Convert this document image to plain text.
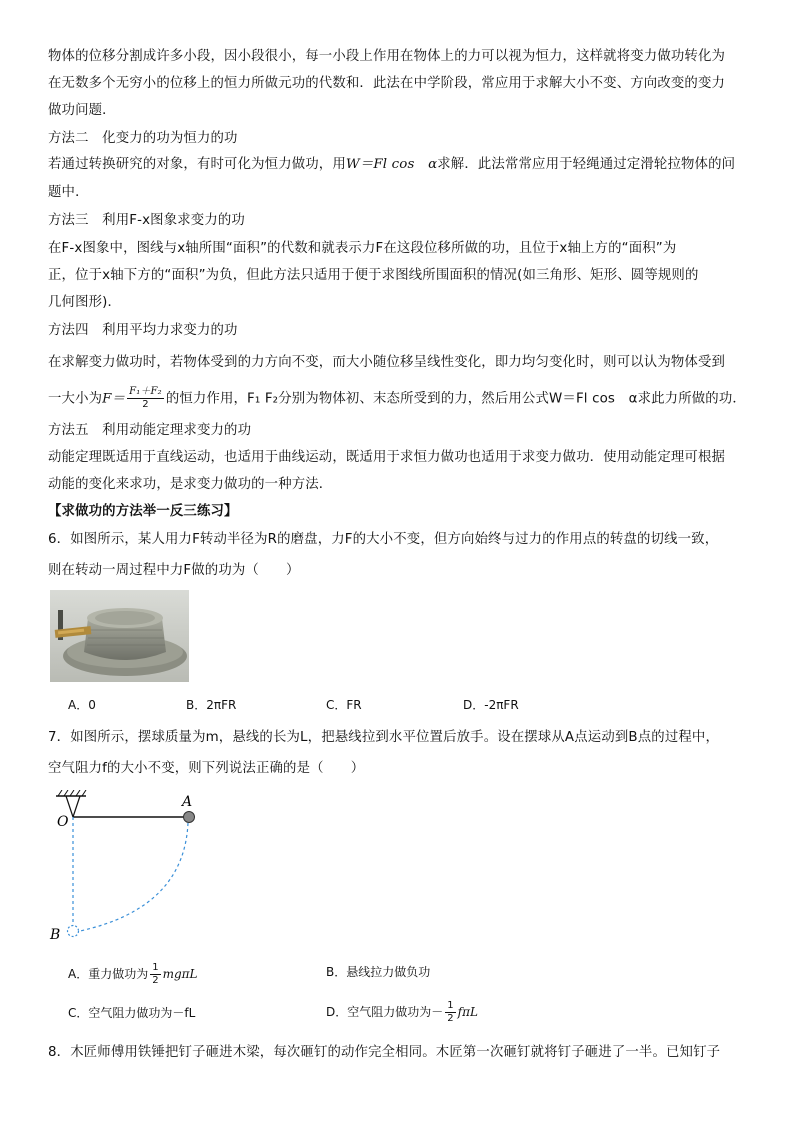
物体的位移分割成许多小段，因小段很小，每一小段上作用在物体上的力可以视为恒力，这样就将变力做功转化为
在无数多个无穷小的位移上的恒力所做元功的代数和．此法在中学阶段，常应用于求解大小不变、方向改变的变力
做功问题．
方法二　化变力的功为恒力的功
若通过转换研究的对象，有时可化为恒力做功，用W＝Fl cos　α求解．此法常常应用于轻绳通过定滑轮拉物体的问
题中．
方法三　利用F-x图象求变力的功
在F-x图象中，图线与x轴所围“面积”的代数和就表示力F在这段位移所做的功，且位于x轴上方的“面积”为
正，位于x轴下方的“面积”为负，但此方法只适用于便于求图线所围面积的情况(如三角形、矩形、圆等规则的
几何图形)．
方法四　利用平均力求变力的功
在求解变力做功时，若物体受到的力方向不变，而大小随位移呈线性变化，即力均匀变化时，则可以认为物体受到
一大小为$F= \frac{\text{F₁＋F₂}}{2}$ 的恒力作用，F₁ F₂分别为物体初、末态所受到的力，然后用公式W＝Fl cos　α求此力所做的功．
方法五　利用动能定理求变力的功
动能定理既适用于直线运动，也适用于曲线运动，既适用于求恒力做功也适用于求变力做功．使用动能定理可根据
动能的变化来求功，是求变力做功的一种方法．
【求做功的方法举一反三练习】
6．如图所示，某人用力F转动半径为R的磨盘，力F的大小不变，但方向始终与过力的作用点的转盘的切线一致，
则在转动一周过程中力F做的功为（　　）
A．0	B．2πFR	C．FR	D．-2πFR
7．如图所示，摆球质量为m，悬线的长为L，把悬线拉到水平位置后放手。设在摆球从A点运动到B点的过程中，
空气阻力f的大小不变，则下列说法正确的是（　　）
A
O
B
A．重力做功为 $\frac{1}{2}$ mgπL	B．悬线拉力做负功
C．空气阻力做功为－fL	D．空气阻力做功为－ $\frac{1}{2}$ fπL
8．木匠师傅用铁锤把钉子砸进木梁，每次砸钉的动作完全相同。木匠第一次砸钉就将钉子砸进了一半。已知钉子
